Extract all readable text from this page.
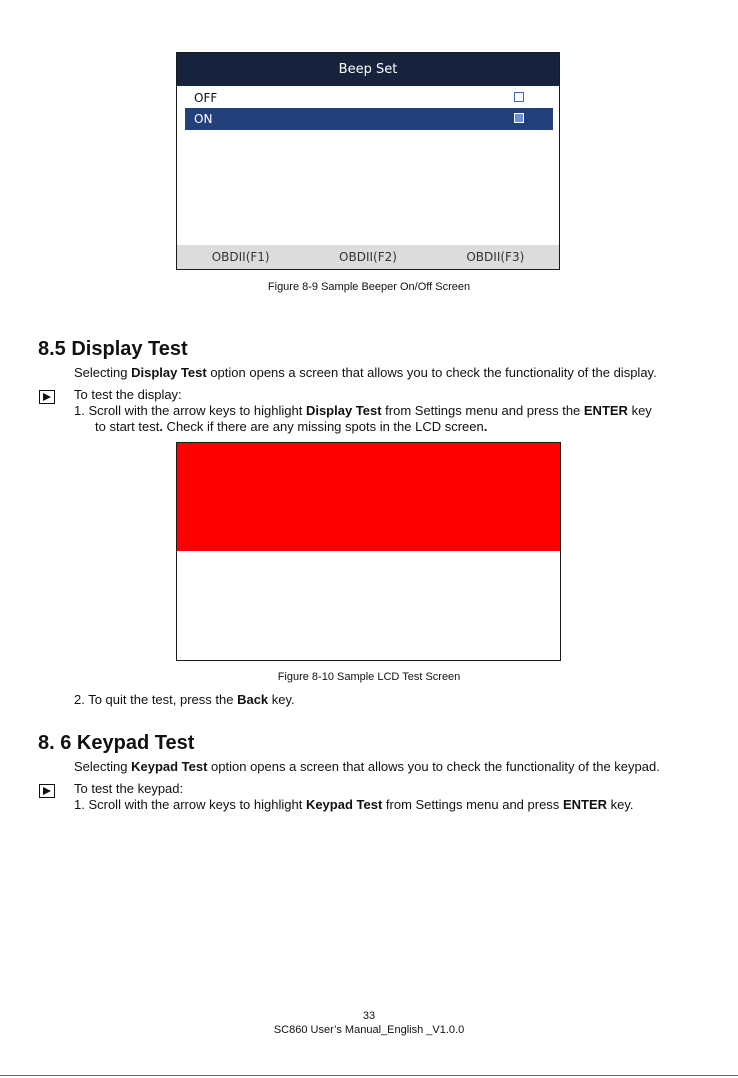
Beep Set
OFF
ON
OBDII(F1)	OBDII(F2)	OBDII(F3)
Figure 8-9 Sample Beeper On/Off Screen
8.5 Display Test
Selecting Display Test option opens a screen that allows you to check the functionality of the display.
To test the display:
1. Scroll with the arrow keys to highlight Display Test from Settings menu and press the ENTER key
to start test. Check if there are any missing spots in the LCD screen.
Figure 8-10 Sample LCD Test Screen
2. To quit the test, press the Back key.
8. 6 Keypad Test
Selecting Keypad Test option opens a screen that allows you to check the functionality of the keypad.
To test the keypad:
1. Scroll with the arrow keys to highlight Keypad Test from Settings menu and press ENTER key.
33
SC860 User’s Manual_English _V1.0.0
